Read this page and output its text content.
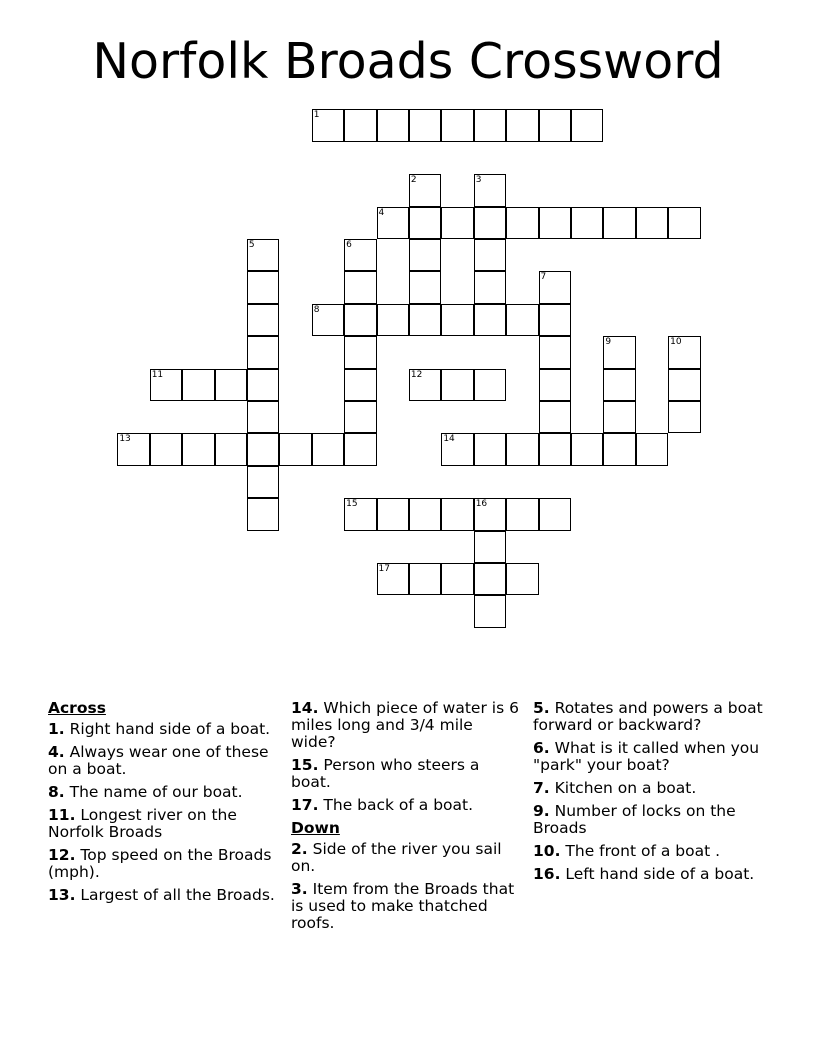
Norfolk Broads Crossword
1
2	3
4
5	6
7
8
9	10
11	12
13	14
15	16
17
Across
1. Right hand side of a boat.
4. Always wear one of these on a boat.
8. The name of our boat.
11. Longest river on the Norfolk Broads
12. Top speed on the Broads (mph).
13. Largest of all the Broads.
14. Which piece of water is 6 miles long and 3/4 mile wide?
15. Person who steers a boat.
17. The back of a boat.
Down
2. Side of the river you sail on.
3. Item from the Broads that is used to make thatched roofs.
5. Rotates and powers a boat forward or backward?
6. What is it called when you "park" your boat?
7. Kitchen on a boat.
9. Number of locks on the Broads
10. The front of a boat .
16. Left hand side of a boat.
